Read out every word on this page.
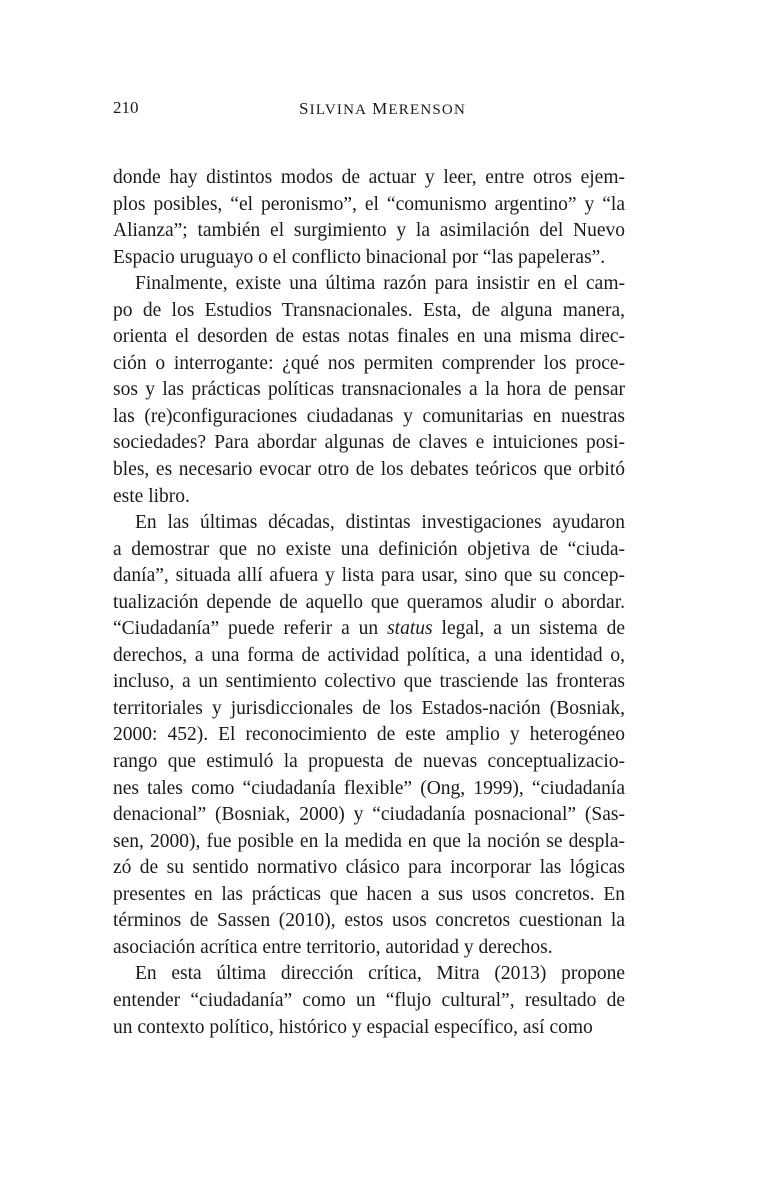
210	SILVINA MERENSON
donde hay distintos modos de actuar y leer, entre otros ejem-
plos posibles, “el peronismo”, el “comunismo argentino” y “la
Alianza”; también el surgimiento y la asimilación del Nuevo
Espacio uruguayo o el conflicto binacional por “las papeleras”.
Finalmente, existe una última razón para insistir en el cam-
po de los Estudios Transnacionales. Esta, de alguna manera,
orienta el desorden de estas notas finales en una misma direc-
ción o interrogante: ¿qué nos permiten comprender los proce-
sos y las prácticas políticas transnacionales a la hora de pensar
las (re)configuraciones ciudadanas y comunitarias en nuestras
sociedades? Para abordar algunas de claves e intuiciones posi-
bles, es necesario evocar otro de los debates teóricos que orbitó
este libro.
En las últimas décadas, distintas investigaciones ayudaron
a demostrar que no existe una definición objetiva de “ciuda-
danía”, situada allí afuera y lista para usar, sino que su concep-
tualización depende de aquello que queramos aludir o abordar.
“Ciudadanía” puede referir a un status legal, a un sistema de
derechos, a una forma de actividad política, a una identidad o,
incluso, a un sentimiento colectivo que trasciende las fronteras
territoriales y jurisdiccionales de los Estados-nación (Bosniak,
2000: 452). El reconocimiento de este amplio y heterogéneo
rango que estimuló la propuesta de nuevas conceptualizacio-
nes tales como “ciudadanía flexible” (Ong, 1999), “ciudadanía
denacional” (Bosniak, 2000) y “ciudadanía posnacional” (Sas-
sen, 2000), fue posible en la medida en que la noción se despla-
zó de su sentido normativo clásico para incorporar las lógicas
presentes en las prácticas que hacen a sus usos concretos. En
términos de Sassen (2010), estos usos concretos cuestionan la
asociación acrítica entre territorio, autoridad y derechos.
En esta última dirección crítica, Mitra (2013) propone
entender “ciudadanía” como un “flujo cultural”, resultado de
un contexto político, histórico y espacial específico, así como
